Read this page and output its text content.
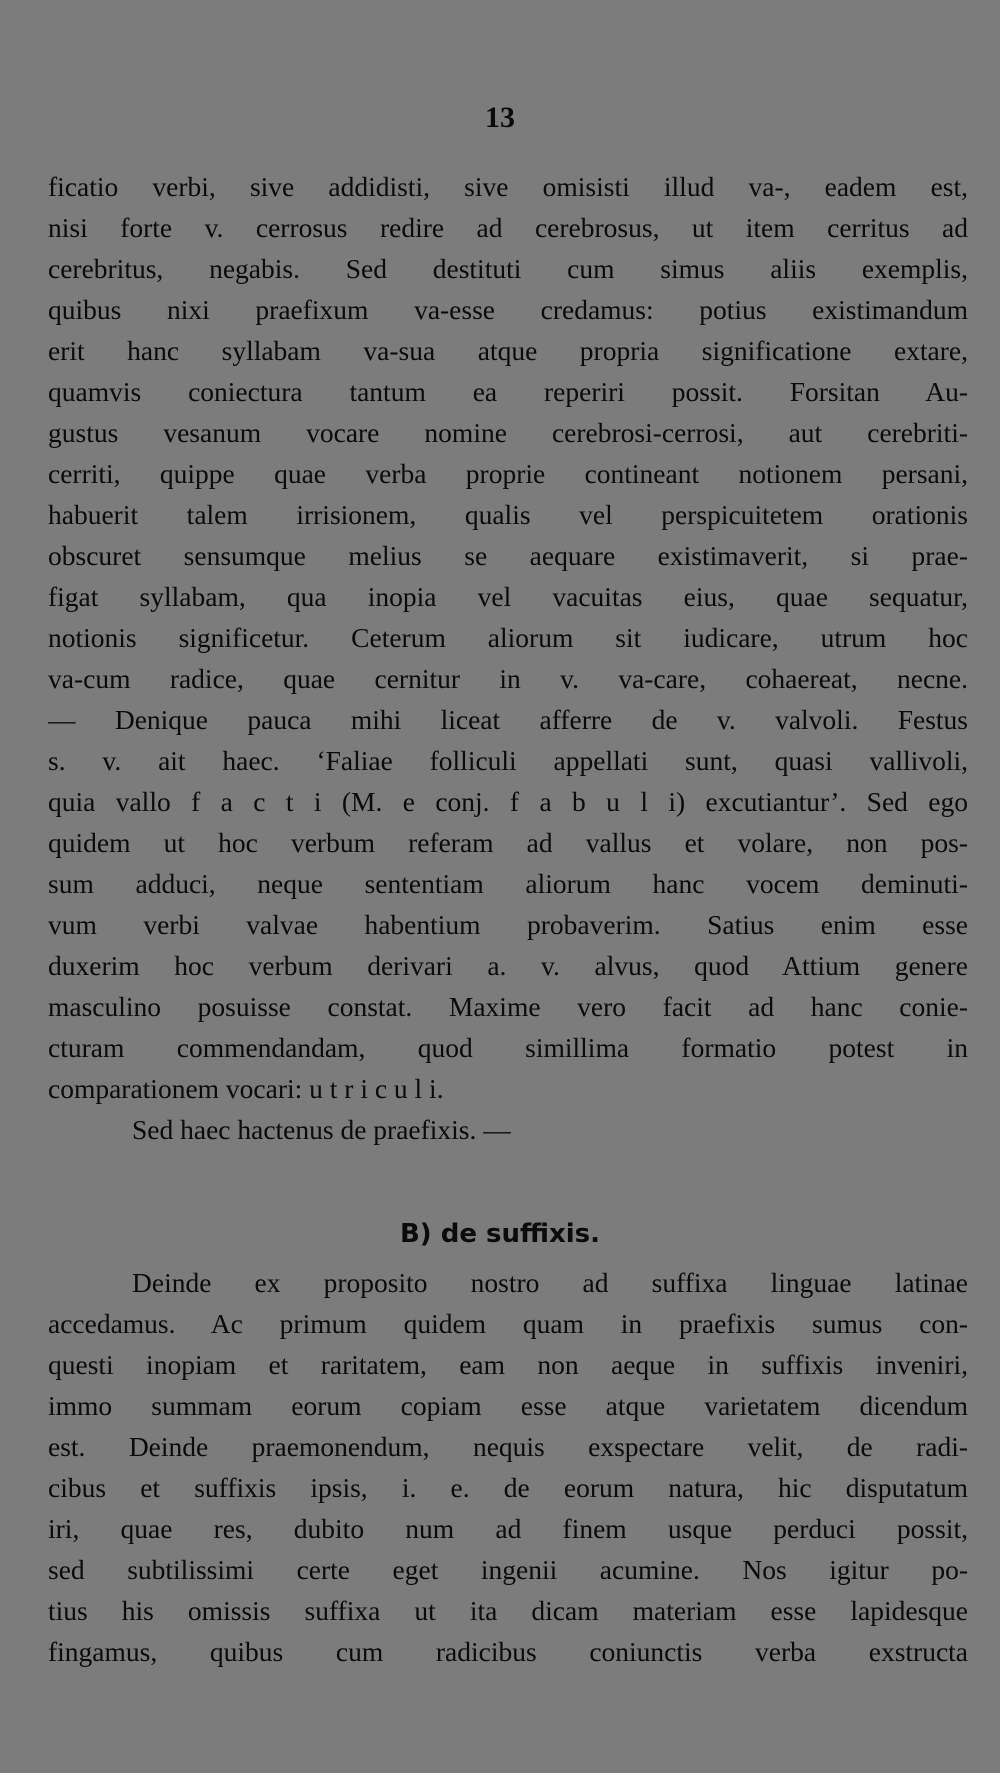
13
ficatio verbi, sive addidisti, sive omisisti illud va-, eadem est,
nisi forte v. cerrosus redire ad cerebrosus, ut item cerritus ad
cerebritus, negabis. Sed destituti cum simus aliis exemplis,
quibus nixi praefixum va-esse credamus: potius existimandum
erit hanc syllabam va-sua atque propria significatione extare,
quamvis coniectura tantum ea reperiri possit. Forsitan Au-
gustus vesanum vocare nomine cerebrosi-cerrosi, aut cerebriti-
cerriti, quippe quae verba proprie contineant notionem persani,
habuerit talem irrisionem, qualis vel perspicuitetem orationis
obscuret sensumque melius se aequare existimaverit, si prae-
figat syllabam, qua inopia vel vacuitas eius, quae sequatur,
notionis significetur. Ceterum aliorum sit iudicare, utrum hoc
va-cum radice, quae cernitur in v. va-care, cohaereat, necne.
— Denique pauca mihi liceat afferre de v. valvoli. Festus
s. v. ait haec. ‘Faliae folliculi appellati sunt, quasi vallivoli,
quia vallo f a c t i (M. e conj. f a b u l i) excutiantur’. Sed ego
quidem ut hoc verbum referam ad vallus et volare, non pos-
sum adduci, neque sententiam aliorum hanc vocem deminuti-
vum verbi valvae habentium probaverim. Satius enim esse
duxerim hoc verbum derivari a. v. alvus, quod Attium genere
masculino posuisse constat. Maxime vero facit ad hanc conie-
cturam commendandam, quod simillima formatio potest in
comparationem vocari: u t r i c u l i.
Sed haec hactenus de praefixis. —
B) de suffixis.
Deinde ex proposito nostro ad suffixa linguae latinae
accedamus. Ac primum quidem quam in praefixis sumus con-
questi inopiam et raritatem, eam non aeque in suffixis inveniri,
immo summam eorum copiam esse atque varietatem dicendum
est. Deinde praemonendum, nequis exspectare velit, de radi-
cibus et suffixis ipsis, i. e. de eorum natura, hic disputatum
iri, quae res, dubito num ad finem usque perduci possit,
sed subtilissimi certe eget ingenii acumine. Nos igitur po-
tius his omissis suffixa ut ita dicam materiam esse lapidesque
fingamus, quibus cum radicibus coniunctis verba exstructa
